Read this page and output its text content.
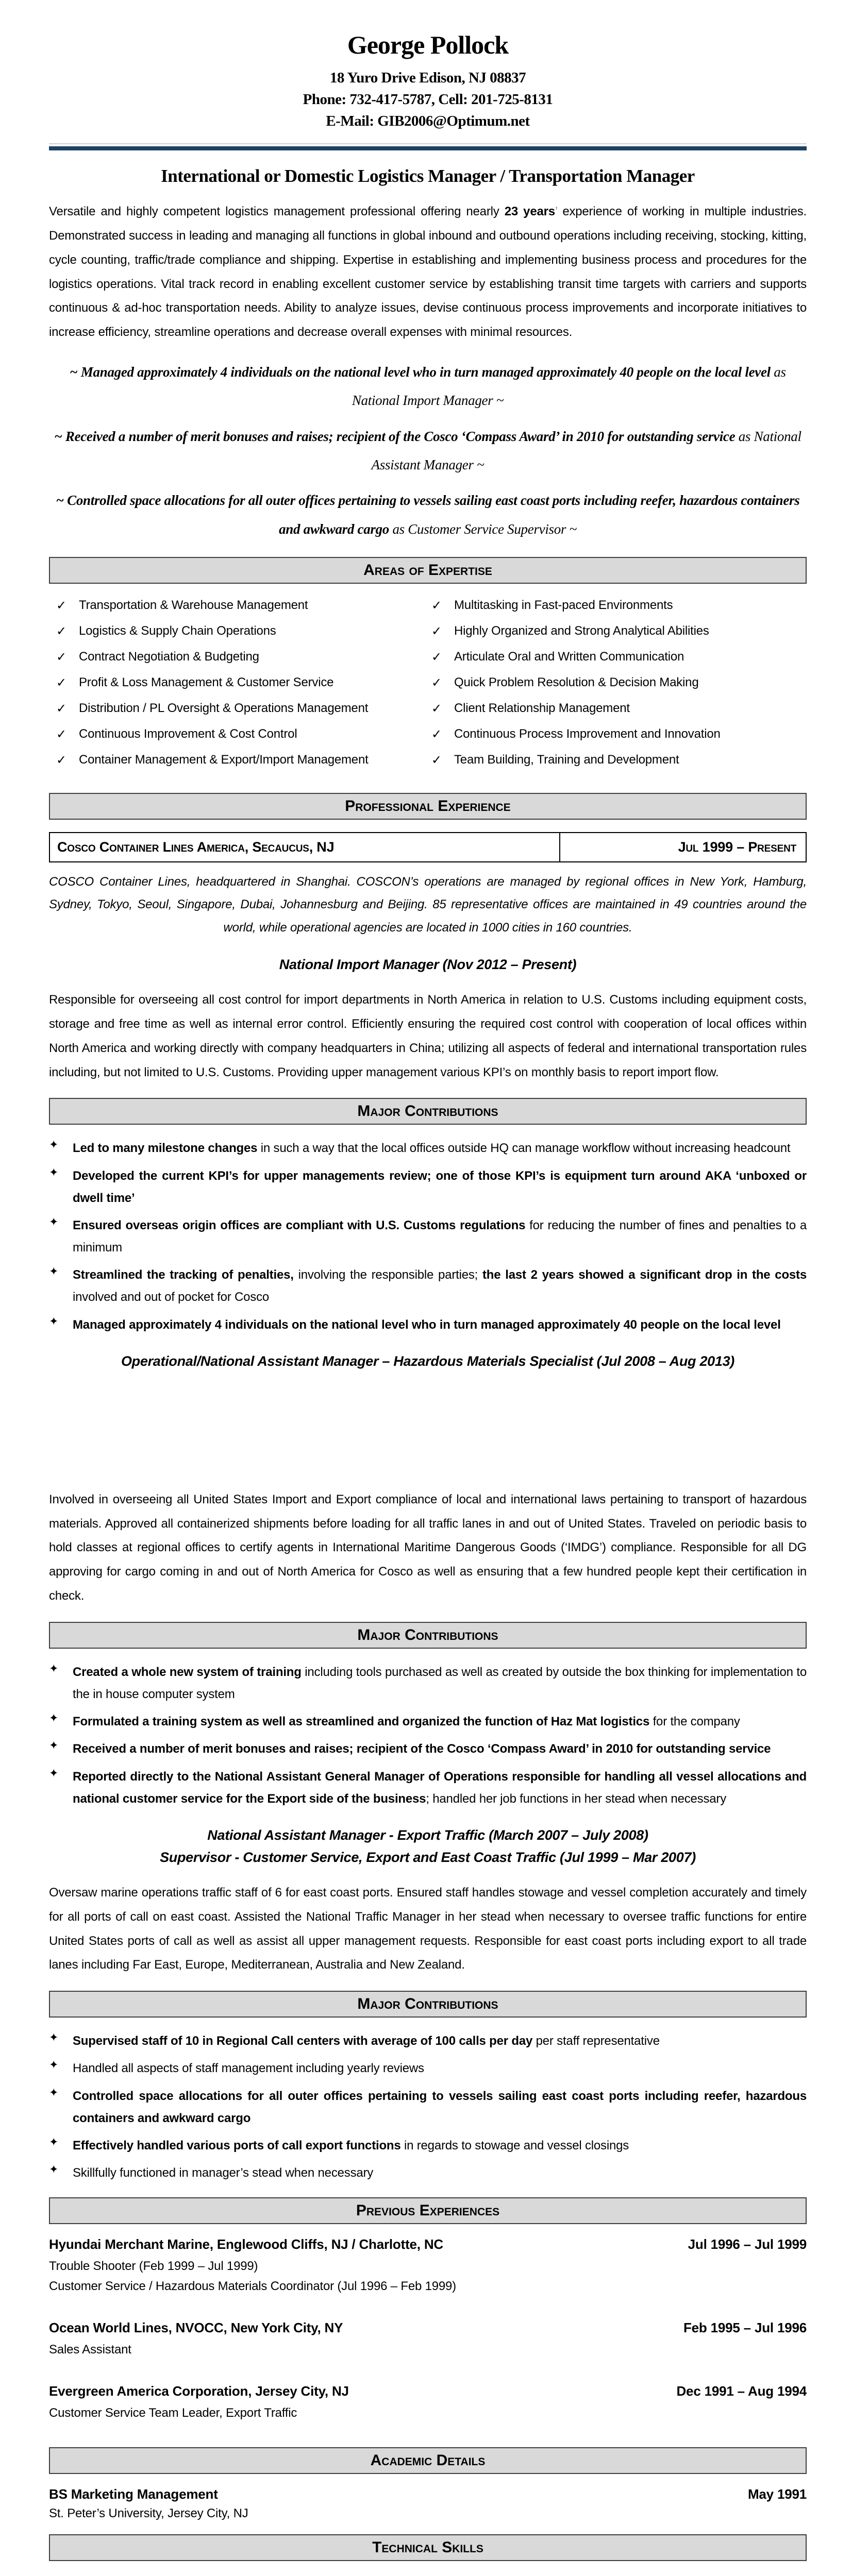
George Pollock
18 Yuro Drive Edison, NJ 08837
Phone: 732-417-5787, Cell: 201-725-8131
E-Mail: GIB2006@Optimum.net
International or Domestic Logistics Manager / Transportation Manager

Versatile and highly competent logistics management professional offering nearly 23 years’ experience of working in multiple industries. Demonstrated success in leading and managing all functions in global inbound and outbound operations including receiving, stocking, kitting, cycle counting, traffic/trade compliance and shipping. Expertise in establishing and implementing business process and procedures for the logistics operations. Vital track record in enabling excellent customer service by establishing transit time targets with carriers and supports continuous & ad-hoc transportation needs. Ability to analyze issues, devise continuous process improvements and incorporate initiatives to increase efficiency, streamline operations and decrease overall expenses with minimal resources.

~ Managed approximately 4 individuals on the national level who in turn managed approximately 40 people on the local level as National Import Manager ~
~ Received a number of merit bonuses and raises; recipient of the Cosco ‘Compass Award’ in 2010 for outstanding service as National Assistant Manager ~
~ Controlled space allocations for all outer offices pertaining to vessels sailing east coast ports including reefer, hazardous containers and awkward cargo as Customer Service Supervisor ~
Areas of Expertise
✓	Transportation & Warehouse Management
✓	Logistics & Supply Chain Operations
✓	Contract Negotiation & Budgeting
✓	Profit & Loss Management & Customer Service
✓	Distribution / PL Oversight & Operations Management
✓	Continuous Improvement & Cost Control
✓	Container Management & Export/Import Management
✓	Multitasking in Fast-paced Environments
✓	Highly Organized and Strong Analytical Abilities
✓	Articulate Oral and Written Communication
✓	Quick Problem Resolution & Decision Making
✓	Client Relationship Management
✓	Continuous Process Improvement and Innovation
✓	Team Building, Training and Development
Professional Experience
Cosco Container Lines America, Secaucus, NJ	Jul 1999 – Present

COSCO Container Lines, headquartered in Shanghai. COSCON’s operations are managed by regional offices in New York, Hamburg, Sydney, Tokyo, Seoul, Singapore, Dubai, Johannesburg and Beijing. 85 representative offices are maintained in 49 countries around the world, while operational agencies are located in 1000 cities in 160 countries.

National Import Manager (Nov 2012 – Present)

Responsible for overseeing all cost control for import departments in North America in relation to U.S. Customs including equipment costs, storage and free time as well as internal error control. Efficiently ensuring the required cost control with cooperation of local offices within North America and working directly with company headquarters in China; utilizing all aspects of federal and international transportation rules including, but not limited to U.S. Customs. Providing upper management various KPI’s on monthly basis to report import flow.

Major Contributions
✦	Led to many milestone changes in such a way that the local offices outside HQ can manage workflow without increasing headcount
✦	Developed the current KPI’s for upper managements review; one of those KPI’s is equipment turn around AKA ‘unboxed or dwell time’
✦	Ensured overseas origin offices are compliant with U.S. Customs regulations for reducing the number of fines and penalties to a minimum
✦	Streamlined the tracking of penalties, involving the responsible parties; the last 2 years showed a significant drop in the costs involved and out of pocket for Cosco
✦	Managed approximately 4 individuals on the national level who in turn managed approximately 40 people on the local level
Operational/National Assistant Manager – Hazardous Materials Specialist (Jul 2008 – Aug 2013)

Involved in overseeing all United States Import and Export compliance of local and international laws pertaining to transport of hazardous materials. Approved all containerized shipments before loading for all traffic lanes in and out of United States. Traveled on periodic basis to hold classes at regional offices to certify agents in International Maritime Dangerous Goods (‘IMDG’) compliance. Responsible for all DG approving for cargo coming in and out of North America for Cosco as well as ensuring that a few hundred people kept their certification in check.

Major Contributions
✦	Created a whole new system of training including tools purchased as well as created by outside the box thinking for implementation to the in house computer system
✦	Formulated a training system as well as streamlined and organized the function of Haz Mat logistics for the company
✦	Received a number of merit bonuses and raises; recipient of the Cosco ‘Compass Award’ in 2010 for outstanding service
✦	Reported directly to the National Assistant General Manager of Operations responsible for handling all vessel allocations and national customer service for the Export side of the business; handled her job functions in her stead when necessary
National Assistant Manager - Export Traffic (March 2007 – July 2008)
Supervisor - Customer Service, Export and East Coast Traffic (Jul 1999 – Mar 2007)

Oversaw marine operations traffic staff of 6 for east coast ports. Ensured staff handles stowage and vessel completion accurately and timely for all ports of call on east coast. Assisted the National Traffic Manager in her stead when necessary to oversee traffic functions for entire United States ports of call as well as assist all upper management requests. Responsible for east coast ports including export to all trade lanes including Far East, Europe, Mediterranean, Australia and New Zealand.

Major Contributions
✦	Supervised staff of 10 in Regional Call centers with average of 100 calls per day per staff representative
✦	Handled all aspects of staff management including yearly reviews
✦	Controlled space allocations for all outer offices pertaining to vessels sailing east coast ports including reefer, hazardous containers and awkward cargo
✦	Effectively handled various ports of call export functions in regards to stowage and vessel closings
✦	Skillfully functioned in manager’s stead when necessary
Previous Experiences
Hyundai Merchant Marine, Englewood Cliffs, NJ / Charlotte, NC	Jul 1996 – Jul 1999
Trouble Shooter (Feb 1999 – Jul 1999)
Customer Service / Hazardous Materials Coordinator (Jul 1996 – Feb 1999)
Ocean World Lines, NVOCC, New York City, NY	Feb 1995 – Jul 1996
Sales Assistant
Evergreen America Corporation, Jersey City, NJ	Dec 1991 – Aug 1994
Customer Service Team Leader, Export Traffic
Academic Details
BS Marketing Management	May 1991
St. Peter’s University, Jersey City, NJ
Technical Skills
